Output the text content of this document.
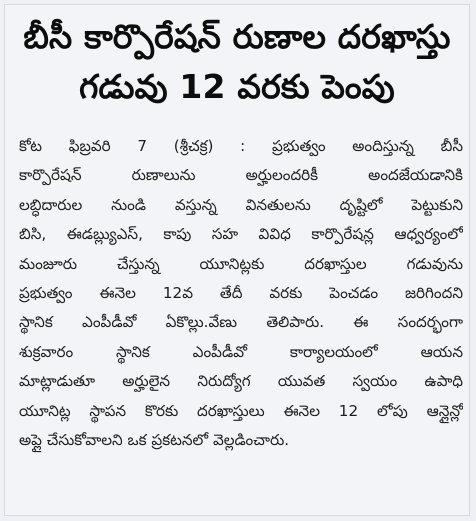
బీసీ కార్పొరేషన్ రుణాల దరఖాస్తు
గడువు 12 వరకు పెంపు
కోట ఫిబ్రవరి 7 (శ్రీచక్ర) : ప్రభుత్వం అందిస్తున్న బీసీ
కార్పొరేషన్ రుణాలును అర్హులందరికీ అందజేయడానికి
లబ్ధిదారుల నుండి వస్తున్న వినతులను దృష్టిలో పెట్టుకుని
బిసి, ఈడబ్ల్యుఎస్, కాపు సహ వివిధ కార్పొరేషన్ల ఆధ్వర్యంలో
మంజూరు చేస్తున్న యూనిట్లకు దరఖాస్తుల గడువును
ప్రభుత్వం ఈనెల 12వ తేదీ వరకు పెంచడం జరిగిందని
స్థానిక ఎంపీడీవో ఏకొల్లు.వేణు తెలిపారు. ఈ సందర్భంగా
శుక్రవారం స్థానిక ఎంపీడీవో కార్యాలయంలో ఆయన
మాట్లాడుతూ అర్హులైన నిరుద్యోగ యువత స్వయం ఉపాధి
యూనిట్ల స్థాపన కొరకు దరఖాస్తులు ఈనెల 12 లోపు ఆన్లైన్లో
అప్లై చేసుకోవాలని ఒక ప్రకటనలో వెల్లడించారు.
